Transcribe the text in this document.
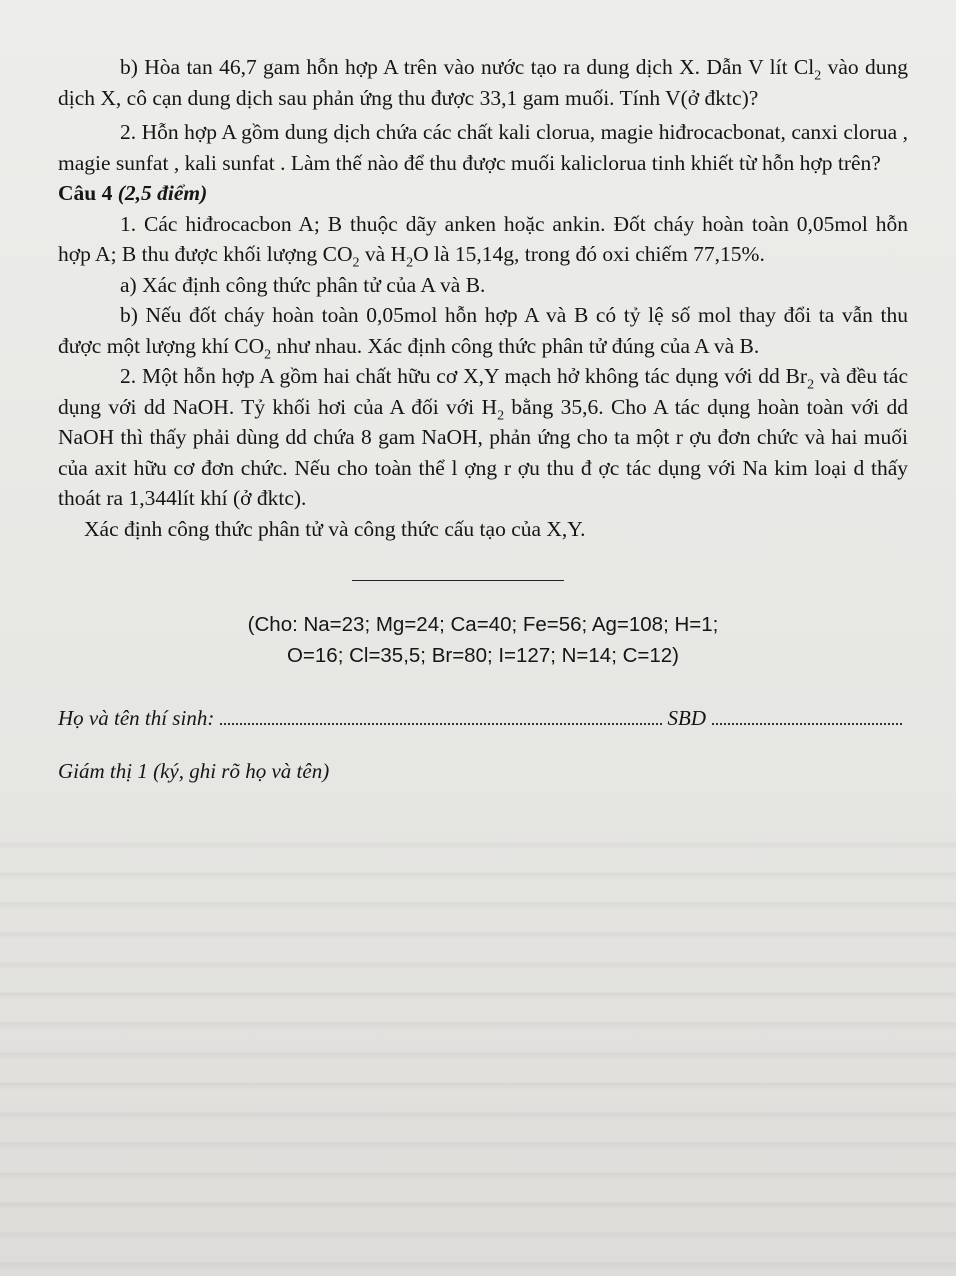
b) Hòa tan 46,7 gam hỗn hợp A trên vào nước tạo ra dung dịch X. Dẫn V lít $Cl_2$ vào dung dịch X, cô cạn dung dịch sau phản ứng thu được 33,1 gam muối. Tính V(ở đktc)?

2. Hỗn hợp A gồm dung dịch chứa các chất kali clorua, magie hiđrocacbonat, canxi clorua , magie sunfat , kali sunfat . Làm thế nào để thu được muối kaliclorua tinh khiết từ hỗn hợp trên?

Câu 4 (2,5 điểm)

1. Các hiđrocacbon A; B thuộc dãy anken hoặc ankin. Đốt cháy hoàn toàn 0,05mol hỗn hợp A; B thu được khối lượng $CO_2$ và $H_2O$ là 15,14g, trong đó oxi chiếm 77,15%.

a) Xác định công thức phân tử của A và B.

b) Nếu đốt cháy hoàn toàn 0,05mol hỗn hợp A và B có tỷ lệ số mol thay đổi ta vẫn thu được một lượng khí $CO_2$ như nhau. Xác định công thức phân tử đúng của A và B.

2. Một hỗn hợp A gồm hai chất hữu cơ X,Y mạch hở không tác dụng với dd $Br_2$ và đều tác dụng với dd NaOH. Tỷ khối hơi của A đối với $H_2$ bằng 35,6. Cho A tác dụng hoàn toàn với dd NaOH thì thấy phải dùng dd chứa 8 gam NaOH, phản ứng cho ta một r ợu đơn chức và hai muối của axit hữu cơ đơn chức. Nếu cho toàn thể l ợng r ợu thu đ ợc tác dụng với Na kim loại d thấy thoát ra 1,344lít khí (ở đktc).

Xác định công thức phân tử và công thức cấu tạo của X,Y.

(Cho: Na=23; Mg=24; Ca=40; Fe=56; Ag=108; H=1;
O=16; Cl=35,5; Br=80; I=127; N=14; C=12)
Họ và tên thí sinh:	SBD
Giám thị 1 (ký, ghi rõ họ và tên)
